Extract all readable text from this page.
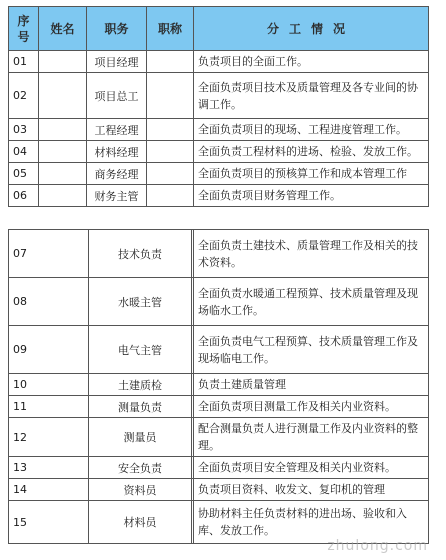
序
号	姓名	职务	职称	分工情况
01		项目经理		负责项目的全面工作。
02		项目总工		全面负责项目技术及质量管理及各专业间的协调工作。
03		工程经理		全面负责项目的现场、工程进度管理工作。
04		材料经理		全面负责工程材料的进场、检验、发放工作。
05		商务经理		全面负责项目的预核算工作和成本管理工作
06		财务主管		全面负责项目财务管理工作。
07	技术负责		全面负责土建技术、质量管理工作及相关的技术资料。
08	水暖主管		全面负责水暖通工程预算、技术质量管理及现场临水工作。
09	电气主管		全面负责电气工程预算、技术质量管理工作及现场临电工作。
10	土建质检		负责土建质量管理
11	测量负责		全面负责项目测量工作及相关内业资料。
12	测量员		配合测量负责人进行测量工作及内业资料的整理。
13	安全负责		全面负责项目安全管理及相关内业资料。
14	资料员		负责项目资料、收发文、复印机的管理
15	材料员		协助材料主任负责材料的进出场、验收和入库、发放工作。
zhulong.com
